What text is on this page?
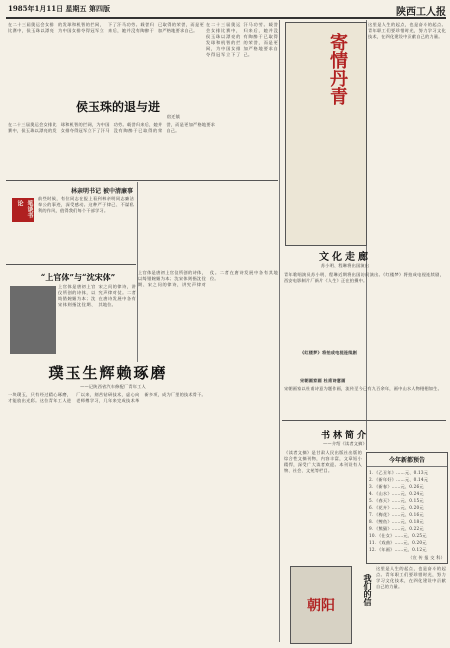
1985年1月11日 星期五 第四版	陕西工人报
在二十三届奥运会女排比赛中，侯玉珠以漂亮的发球和机智的拦网，为中国女排夺得冠军立下了汗马功劳。载誉归来后，她并没有陶醉于已取得的荣誉，而是更加严格地要求自己。
侯玉珠的退与进
宿迁镇
在二十三届奥运会女排比赛中，侯玉珠以漂亮的发球和机智的拦网，为中国女排夺得冠军立下了汗马功劳。载誉归来后，她并没有陶醉于已取得的荣誉，而是更加严格地要求自己。
在二十三届奥运会女排比赛中，侯玉珠以漂亮的发球和机智的拦网，为中国女排夺得冠军立下了汗马功劳。载誉归来后，她并没有陶醉于已取得的荣誉，而是更加严格地要求自己。
林亲明书记 被中清廉事
笔谈书论
前些时候，有位同志在报上看到林亲明同志廉洁奉公的事迹，深受感动。这种严于律己、不谋私利的作风，值得我们每个干部学习。
“上官体”与“沈宋体”
上官体是唐初上官仪所创的诗体，以绮错婉媚为本；沈宋体则指沈佺期、宋之问的律诗，讲究声律对仗。二者在唐诗发展中各有其地位。
璞玉生辉赖琢磨
——记陕西省汽车修配厂青年工人
一块璞玉，只有经过精心琢磨，才能放出光彩。这位青年工人进厂以来，刻苦钻研技术，虚心向老师傅学习，几年来完成技术革新多项，成为厂里的技术骨干。
上官体是唐初上官仪所创的诗体，以绮错婉媚为本；沈宋体则指沈佺期、宋之问的律诗，讲究声律对仗。二者在唐诗发展中各有其地位。
文化走廊
苏小明、程琳将出国演出
青年歌唱演员苏小明、程琳近期将出国访问演出。《红楼梦》将拍成电视连续剧，西安电影制片厂新片《人生》正在拍摄中。
《红楼梦》将拍成电视连续剧
宋朝画家画 杜甫诗意画
宋朝画家以杜甫诗意为题作画，流传至今已有九百余年，画中山水人物栩栩如生。
书林简介
——介绍《读者文摘》
《读者文摘》是甘肃人民出版社出版的综合性文摘刊物，内容丰富，文章短小精悍，深受广大读者欢迎。本刊设有人物、社会、文苑等栏目。
寄情丹青
这里是人生的起点，也是奋斗的起点。青年职工们要珍惜时光，努力学习文化技术，在四化建设中贡献自己的力量。
今年新都预告
1．《乙丑年》……元、0.13元
2．《新年好》……元、0.14元
3．《新春》……元、0.26元
4．《山水》……元、0.24元
5．《春天》……元、0.15元
6．《花卉》……元、0.20元
7．《梅花》……元、0.16元
8．《鲤鱼》……元、0.18元
9．《熊猫》……元、0.22元
10．《仕女》……元、0.25元
11．《戏曲》……元、0.20元
12．《年画》……元、0.12元
（宣 传 报 交 科）
朝阳	我们的信
这里是人生的起点，也是奋斗的起点。青年职工们要珍惜时光，努力学习文化技术，在四化建设中贡献自己的力量。
